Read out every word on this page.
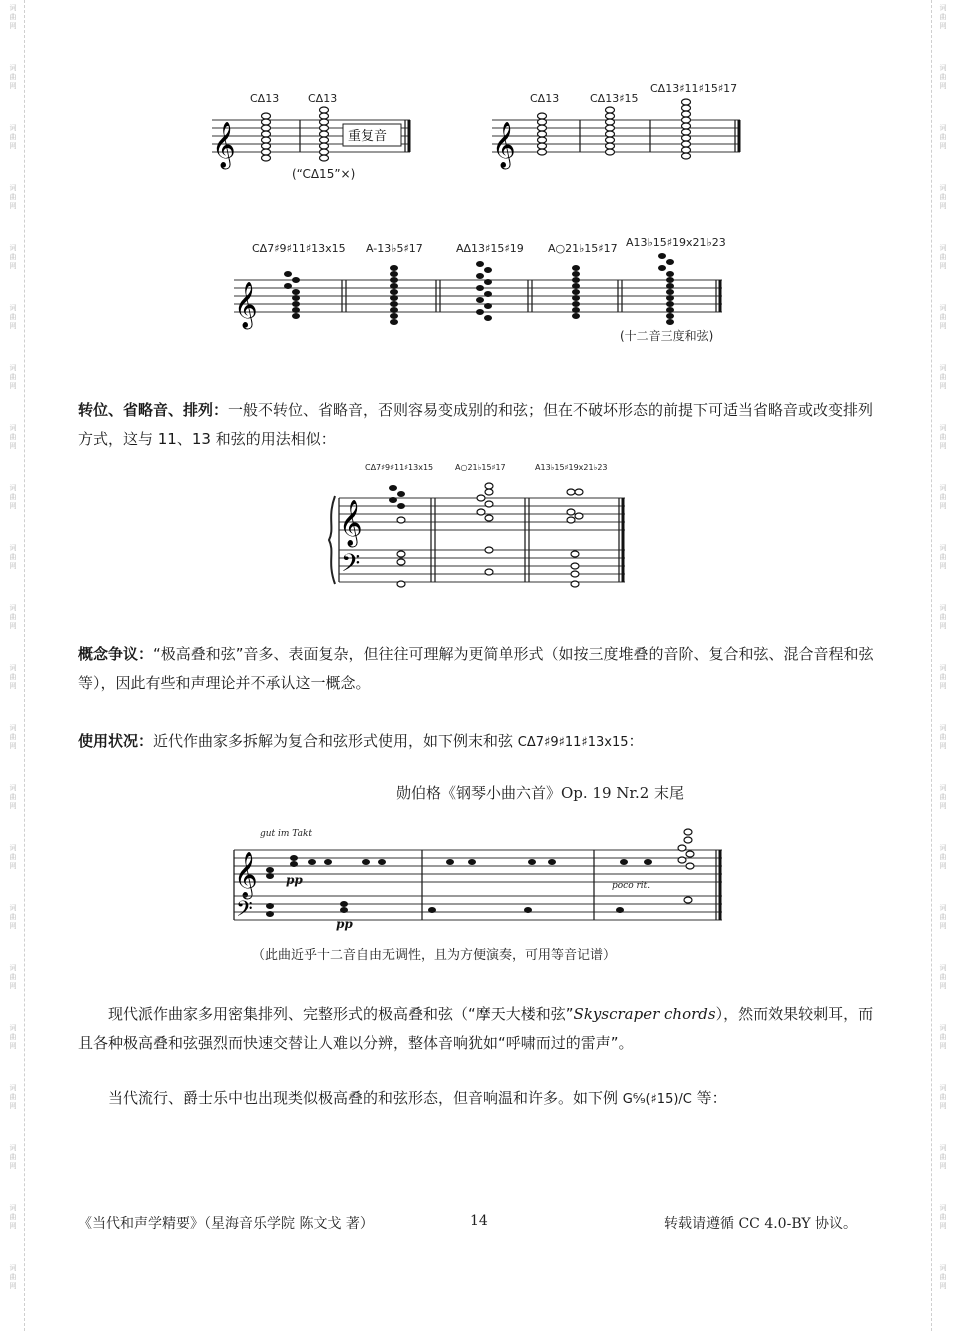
词
曲
网
词
曲
网
词
曲
网
词
曲
网
词
曲
网
词
曲
网
词
曲
网
词
曲
网
词
曲
网
词
曲
网
词
曲
网
词
曲
网
词
曲
网
词
曲
网
词
曲
网
词
曲
网
词
曲
网
词
曲
网
词
曲
网
词
曲
网
词
曲
网
词
曲
网
词
曲
网
词
曲
网
词
曲
网
词
曲
网
词
曲
网
词
曲
网
词
曲
网
词
曲
网
词
曲
网
词
曲
网
词
曲
网
词
曲
网
词
曲
网
词
曲
网
词
曲
网
词
曲
网
词
曲
网
词
曲
网
词
曲
网
词
曲
网
词
曲
网
词
曲
网
CΔ13	CΔ13	CΔ13	CΔ13♯15
CΔ13♯11♯15♯17
𝄞	重复音
(“CΔ15”×)
𝄞
CΔ7♯9♯11♯13x15 A-13♭5♯17	AΔ13♯15♯19 A○21♭15♯17 A13♭15♯19x21♭23
𝄞
(十二音三度和弦)

转位、省略音、排列：一般不转位、省略音，否则容易变成别的和弦；但在不破坏形态的前提下可适当省略音或改变排列方式，这与 11、13 和弦的用法相似：

CΔ7♯9♯11♯13x15	A○21♭15♯17	A13♭15♯19x21♭23
𝄞
𝄢

概念争议：“极高叠和弦”音多、表面复杂，但往往可理解为更简单形式（如按三度堆叠的音阶、复合和弦、混合音程和弦等），因此有些和声理论并不承认这一概念。

使用状况：近代作曲家多拆解为复合和弦形式使用，如下例末和弦 CΔ7♯9♯11♯13x15：

勋伯格《钢琴小曲六首》Op. 19 Nr.2 末尾
gut im Takt
𝄞
𝄢
pp
pp
poco rit.
（此曲近乎十二音自由无调性，且为方便演奏，可用等音记谱）

现代派作曲家多用密集排列、完整形式的极高叠和弦（“摩天大楼和弦”Skyscraper chords），然而效果较刺耳，而且各种极高叠和弦强烈而快速交替让人难以分辨，整体音响犹如“呼啸而过的雷声”。

当代流行、爵士乐中也出现类似极高叠的和弦形态，但音响温和许多。如下例 G⁶⁄₉(♯15)/C 等：

《当代和声学精要》（星海音乐学院 陈文戈 著）	14	转载请遵循 CC 4.0-BY 协议。
